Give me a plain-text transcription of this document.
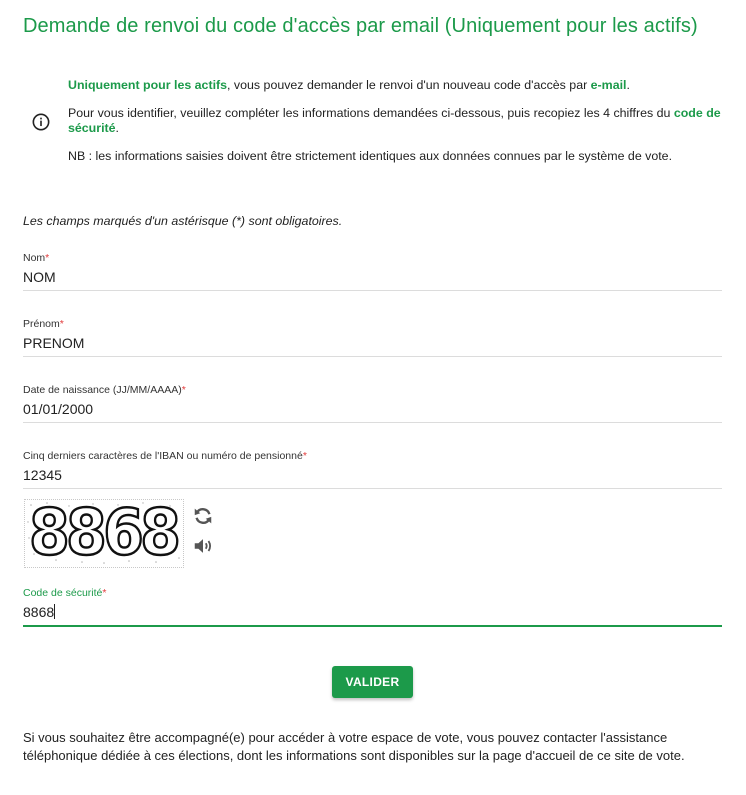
Demande de renvoi du code d'accès par email (Uniquement pour les actifs)

Uniquement pour les actifs, vous pouvez demander le renvoi d'un nouveau code d'accès par e-mail.

Pour vous identifier, veuillez compléter les informations demandées ci-dessous, puis recopiez les 4 chiffres du code de sécurité.

NB : les informations saisies doivent être strictement identiques aux données connues par le système de vote.

Les champs marqués d'un astérisque (*) sont obligatoires.
Nom*
NOM
Prénom*
PRENOM
Date de naissance (JJ/MM/AAAA)*
01/01/2000
Cinq derniers caractères de l'IBAN ou numéro de pensionné*
12345
8868
Code de sécurité*
8868
VALIDER
Si vous souhaitez être accompagné(e) pour accéder à votre espace de vote, vous pouvez contacter l'assistance téléphonique dédiée à ces élections, dont les informations sont disponibles sur la page d'accueil de ce site de vote.
